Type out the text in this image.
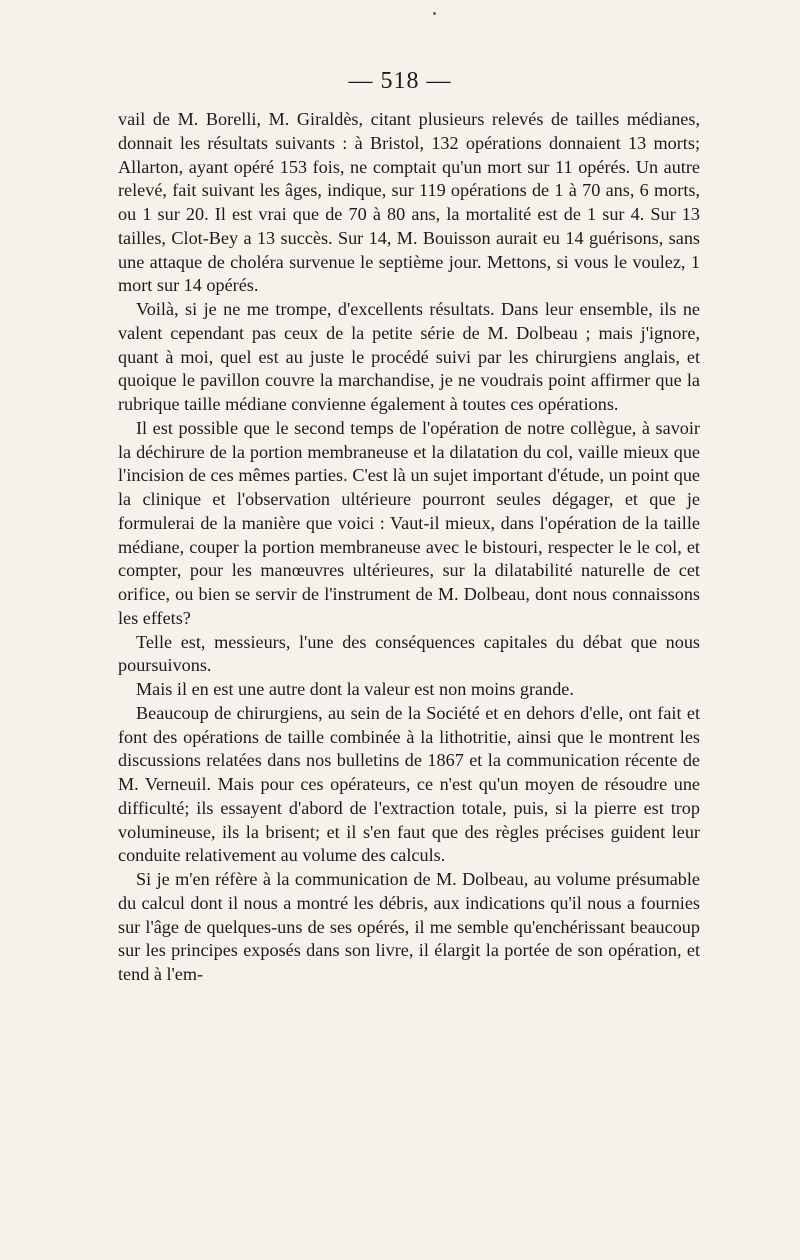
— 518 —

vail de M. Borelli, M. Giraldès, citant plusieurs relevés de tailles médianes, donnait les résultats suivants : à Bristol, 132 opérations donnaient 13 morts; Allarton, ayant opéré 153 fois, ne comptait qu'un mort sur 11 opérés. Un autre relevé, fait suivant les âges, indique, sur 119 opérations de 1 à 70 ans, 6 morts, ou 1 sur 20. Il est vrai que de 70 à 80 ans, la mortalité est de 1 sur 4. Sur 13 tailles, Clot-Bey a 13 succès. Sur 14, M. Bouisson aurait eu 14 guérisons, sans une attaque de choléra survenue le septième jour. Mettons, si vous le voulez, 1 mort sur 14 opérés.

Voilà, si je ne me trompe, d'excellents résultats. Dans leur ensemble, ils ne valent cependant pas ceux de la petite série de M. Dolbeau ; mais j'ignore, quant à moi, quel est au juste le procédé suivi par les chirurgiens anglais, et quoique le pavillon couvre la marchandise, je ne voudrais point affirmer que la rubrique taille médiane convienne également à toutes ces opérations.

Il est possible que le second temps de l'opération de notre collègue, à savoir la déchirure de la portion membraneuse et la dilatation du col, vaille mieux que l'incision de ces mêmes parties. C'est là un sujet important d'étude, un point que la clinique et l'observation ultérieure pourront seules dégager, et que je formulerai de la manière que voici : Vaut-il mieux, dans l'opération de la taille médiane, couper la portion membraneuse avec le bistouri, respecter le le col, et compter, pour les manœuvres ultérieures, sur la dilatabilité naturelle de cet orifice, ou bien se servir de l'instrument de M. Dolbeau, dont nous connaissons les effets?

Telle est, messieurs, l'une des conséquences capitales du débat que nous poursuivons.

Mais il en est une autre dont la valeur est non moins grande.

Beaucoup de chirurgiens, au sein de la Société et en dehors d'elle, ont fait et font des opérations de taille combinée à la lithotritie, ainsi que le montrent les discussions relatées dans nos bulletins de 1867 et la communication récente de M. Verneuil. Mais pour ces opérateurs, ce n'est qu'un moyen de résoudre une difficulté; ils essayent d'abord de l'extraction totale, puis, si la pierre est trop volumineuse, ils la brisent; et il s'en faut que des règles précises guident leur conduite relativement au volume des calculs.

Si je m'en réfère à la communication de M. Dolbeau, au volume présumable du calcul dont il nous a montré les débris, aux indications qu'il nous a fournies sur l'âge de quelques-uns de ses opérés, il me semble qu'enchérissant beaucoup sur les principes exposés dans son livre, il élargit la portée de son opération, et tend à l'em-
